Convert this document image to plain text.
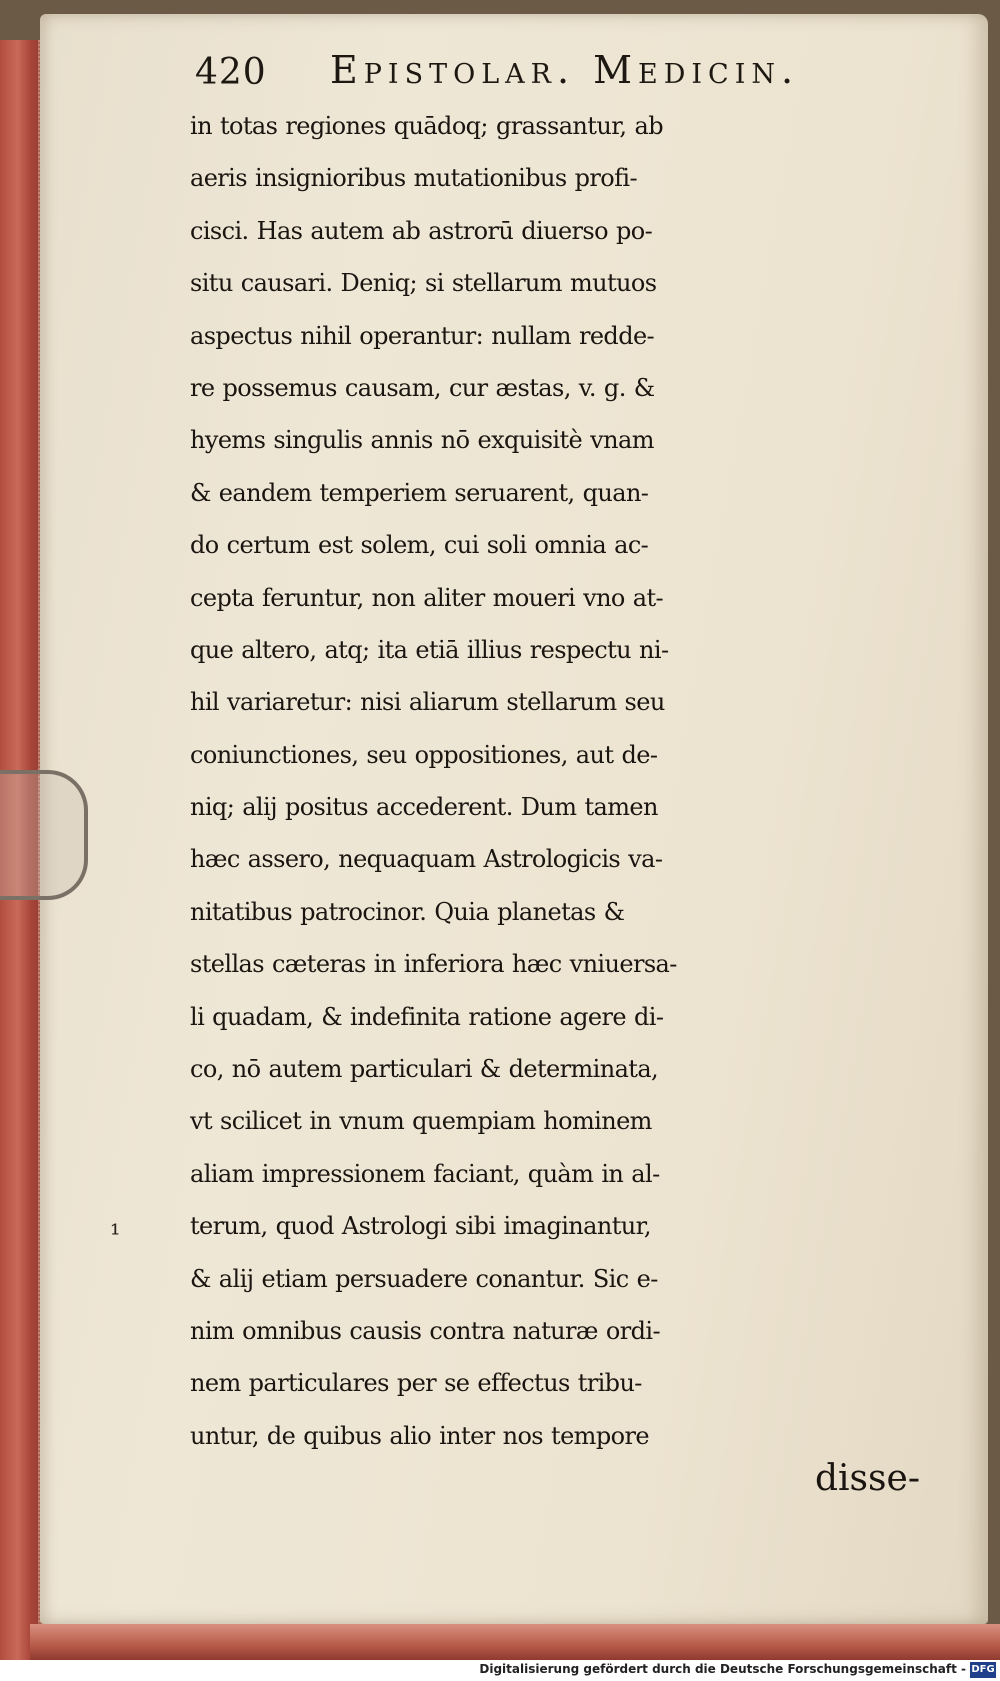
420 Epistolar. Medicin.
in totas regiones quādoq; grassantur, ab
aeris insignioribus mutationibus profi-
cisci. Has autem ab astrorū diuerso po-
situ causari. Deniq; si stellarum mutuos
aspectus nihil operantur: nullam redde-
re possemus causam, cur æstas, v. g. &
hyems singulis annis nō exquisitè vnam
& eandem temperiem seruarent, quan-
do certum est solem, cui soli omnia ac-
cepta feruntur, non aliter moueri vno at-
que altero, atq; ita etiā illius respectu ni-
hil variaretur: nisi aliarum stellarum seu
coniunctiones, seu oppositiones, aut de-
niq; alij positus accederent. Dum tamen
hæc assero, nequaquam Astrologicis va-
nitatibus patrocinor. Quia planetas &
stellas cæteras in inferiora hæc vniuersa-
li quadam, & indefinita ratione agere di-
co, nō autem particulari & determinata,
vt scilicet in vnum quempiam hominem
aliam impressionem faciant, quàm in al-
terum, quod Astrologi sibi imaginantur,
& alij etiam persuadere conantur. Sic e-
nim omnibus causis contra naturæ ordi-
nem particulares per se effectus tribu-
untur, de quibus alio inter nos tempore
¹
disse-
Digitalisierung gefördert durch die Deutsche Forschungsgemeinschaft - DFG
